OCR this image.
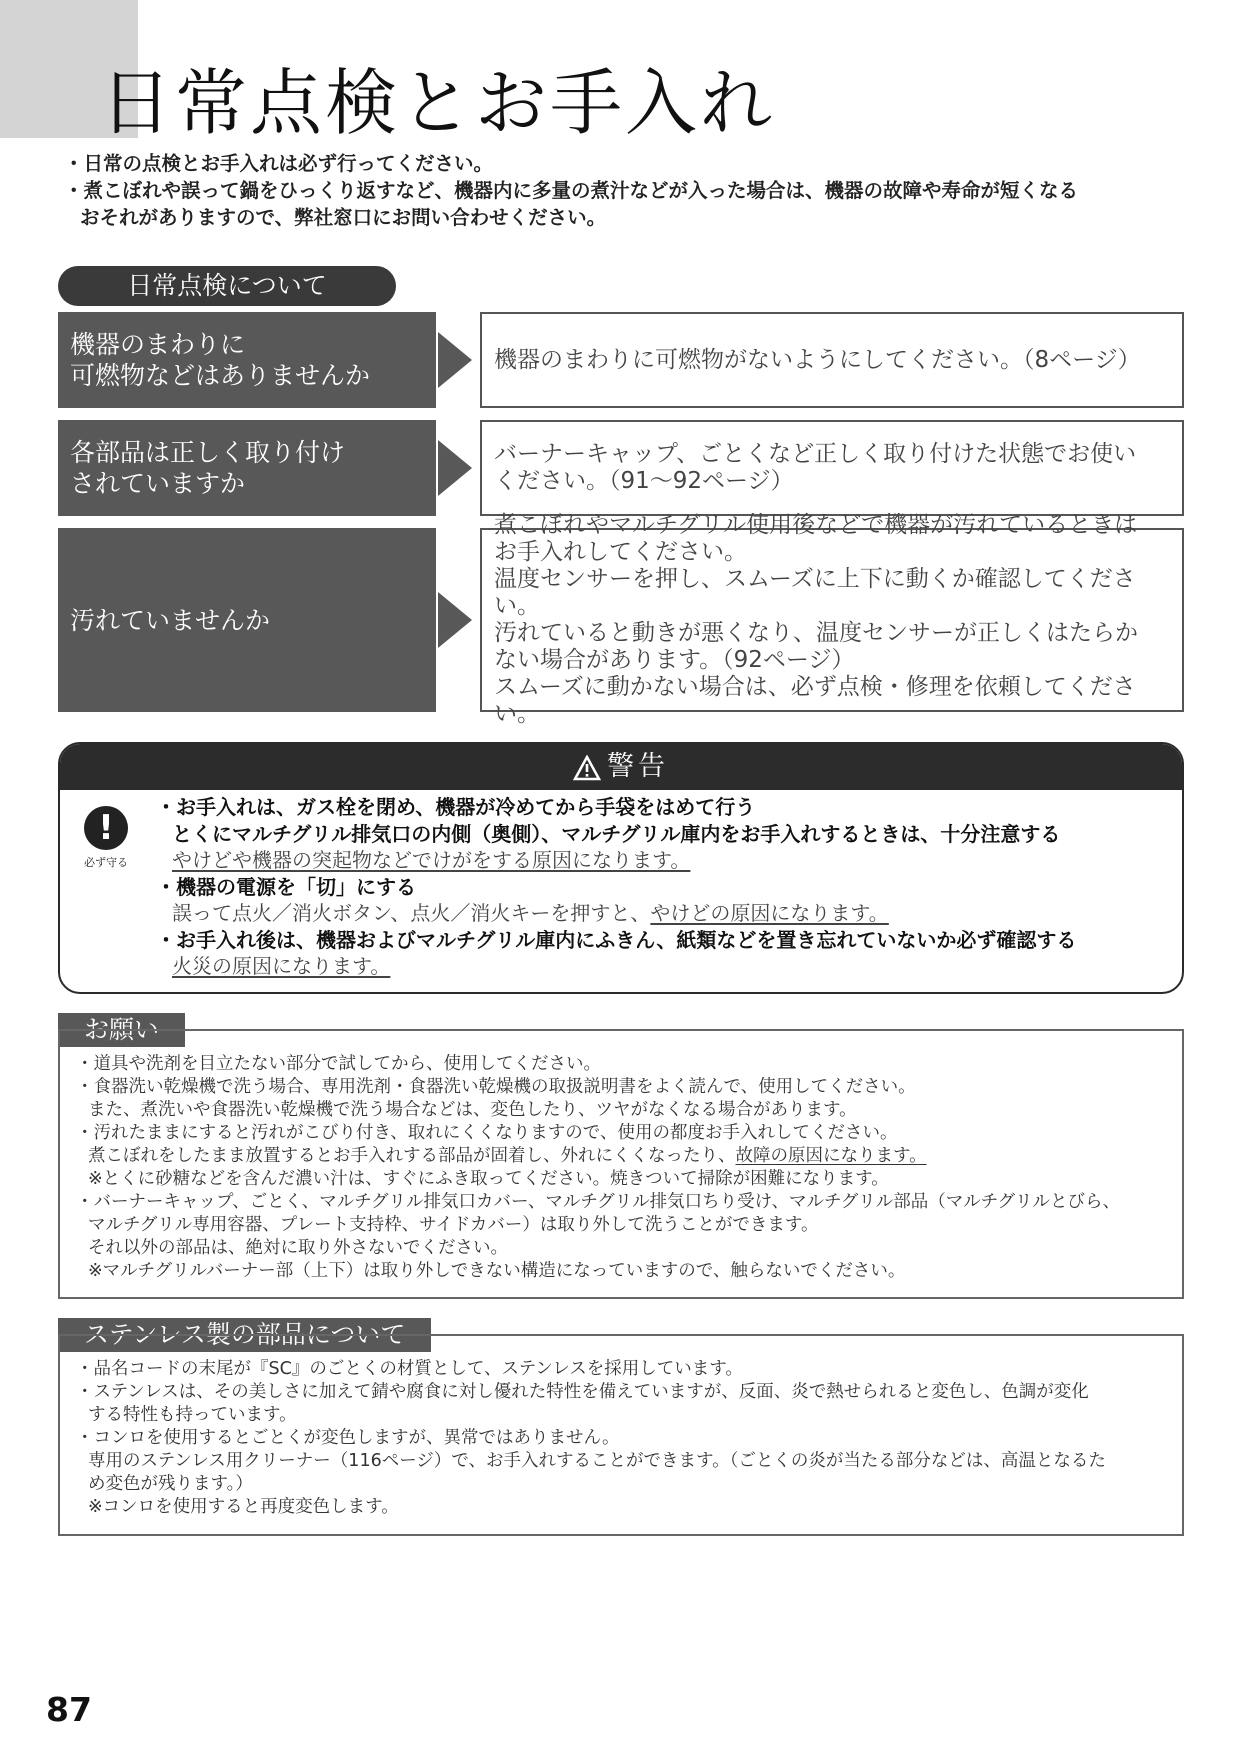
日常点検とお手入れ

・日常の点検とお手入れは必ず行ってください。

・煮こぼれや誤って鍋をひっくり返すなど、機器内に多量の煮汁などが入った場合は、機器の故障や寿命が短くなる
おそれがありますので、弊社窓口にお問い合わせください。

日常点検について
機器のまわりに
可燃物などはありませんか
機器のまわりに可燃物がないようにしてください。（8ページ）
各部品は正しく取り付け
されていますか
バーナーキャップ、ごとくなど正しく取り付けた状態でお使い
ください。（91～92ページ）
汚れていませんか
煮こぼれやマルチグリル使用後などで機器が汚れているときは
お手入れしてください。
温度センサーを押し、スムーズに上下に動くか確認してください。
汚れていると動きが悪くなり、温度センサーが正しくはたらか
ない場合があります。（92ページ）
スムーズに動かない場合は、必ず点検・修理を依頼してください。
警告
!
必ず守る
・お手入れは、ガス栓を閉め、機器が冷めてから手袋をはめて行う
とくにマルチグリル排気口の内側（奥側）、マルチグリル庫内をお手入れするときは、十分注意する
やけどや機器の突起物などでけがをする原因になります。
・機器の電源を「切」にする
誤って点火／消火ボタン、点火／消火キーを押すと、やけどの原因になります。
・お手入れ後は、機器およびマルチグリル庫内にふきん、紙類などを置き忘れていないか必ず確認する
火災の原因になります。
お願い
・道具や洗剤を目立たない部分で試してから、使用してください。
・食器洗い乾燥機で洗う場合、専用洗剤・食器洗い乾燥機の取扱説明書をよく読んで、使用してください。
また、煮洗いや食器洗い乾燥機で洗う場合などは、変色したり、ツヤがなくなる場合があります。
・汚れたままにすると汚れがこびり付き、取れにくくなりますので、使用の都度お手入れしてください。
煮こぼれをしたまま放置するとお手入れする部品が固着し、外れにくくなったり、故障の原因になります。
※とくに砂糖などを含んだ濃い汁は、すぐにふき取ってください。焼きついて掃除が困難になります。
・バーナーキャップ、ごとく、マルチグリル排気口カバー、マルチグリル排気口ちり受け、マルチグリル部品（マルチグリルとびら、
マルチグリル専用容器、プレート支持枠、サイドカバー）は取り外して洗うことができます。
それ以外の部品は、絶対に取り外さないでください。
※マルチグリルバーナー部（上下）は取り外しできない構造になっていますので、触らないでください。
ステンレス製の部品について
・品名コードの末尾が『SC』のごとくの材質として、ステンレスを採用しています。
・ステンレスは、その美しさに加えて錆や腐食に対し優れた特性を備えていますが、反面、炎で熱せられると変色し、色調が変化
する特性も持っています。
・コンロを使用するとごとくが変色しますが、異常ではありません。
専用のステンレス用クリーナー（116ページ）で、お手入れすることができます。（ごとくの炎が当たる部分などは、高温となるた
め変色が残ります。）
※コンロを使用すると再度変色します。
87
